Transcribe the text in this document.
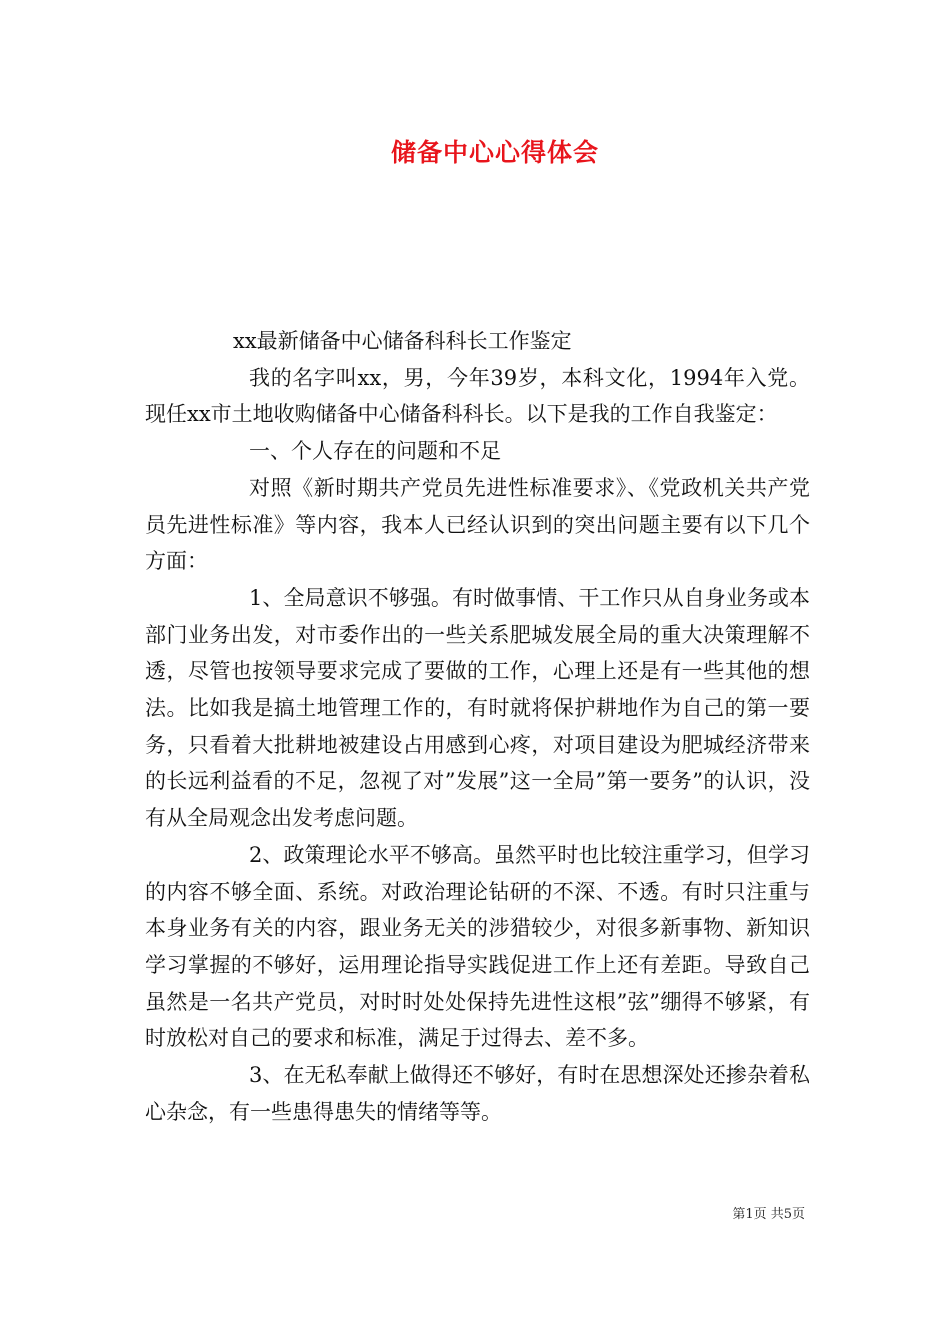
储备中心心得体会

xx最新储备中心储备科科长工作鉴定

我的名字叫xx，男，今年39岁，本科文化，1994年入党。现任xx市土地收购储备中心储备科科长。以下是我的工作自我鉴定：

一、个人存在的问题和不足

对照《新时期共产党员先进性标准要求》、《党政机关共产党员先进性标准》等内容，我本人已经认识到的突出问题主要有以下几个方面：

1、全局意识不够强。有时做事情、干工作只从自身业务或本部门业务出发，对市委作出的一些关系肥城发展全局的重大决策理解不透，尽管也按领导要求完成了要做的工作，心理上还是有一些其他的想法。比如我是搞土地管理工作的，有时就将保护耕地作为自己的第一要务，只看着大批耕地被建设占用感到心疼，对项目建设为肥城经济带来的长远利益看的不足，忽视了对”发展”这一全局”第一要务”的认识，没有从全局观念出发考虑问题。

2、政策理论水平不够高。虽然平时也比较注重学习，但学习的内容不够全面、系统。对政治理论钻研的不深、不透。有时只注重与本身业务有关的内容，跟业务无关的涉猎较少，对很多新事物、新知识学习掌握的不够好，运用理论指导实践促进工作上还有差距。导致自己虽然是一名共产党员，对时时处处保持先进性这根”弦”绷得不够紧，有时放松对自己的要求和标准，满足于过得去、差不多。

3、在无私奉献上做得还不够好，有时在思想深处还掺杂着私心杂念，有一些患得患失的情绪等等。

第1页 共5页
